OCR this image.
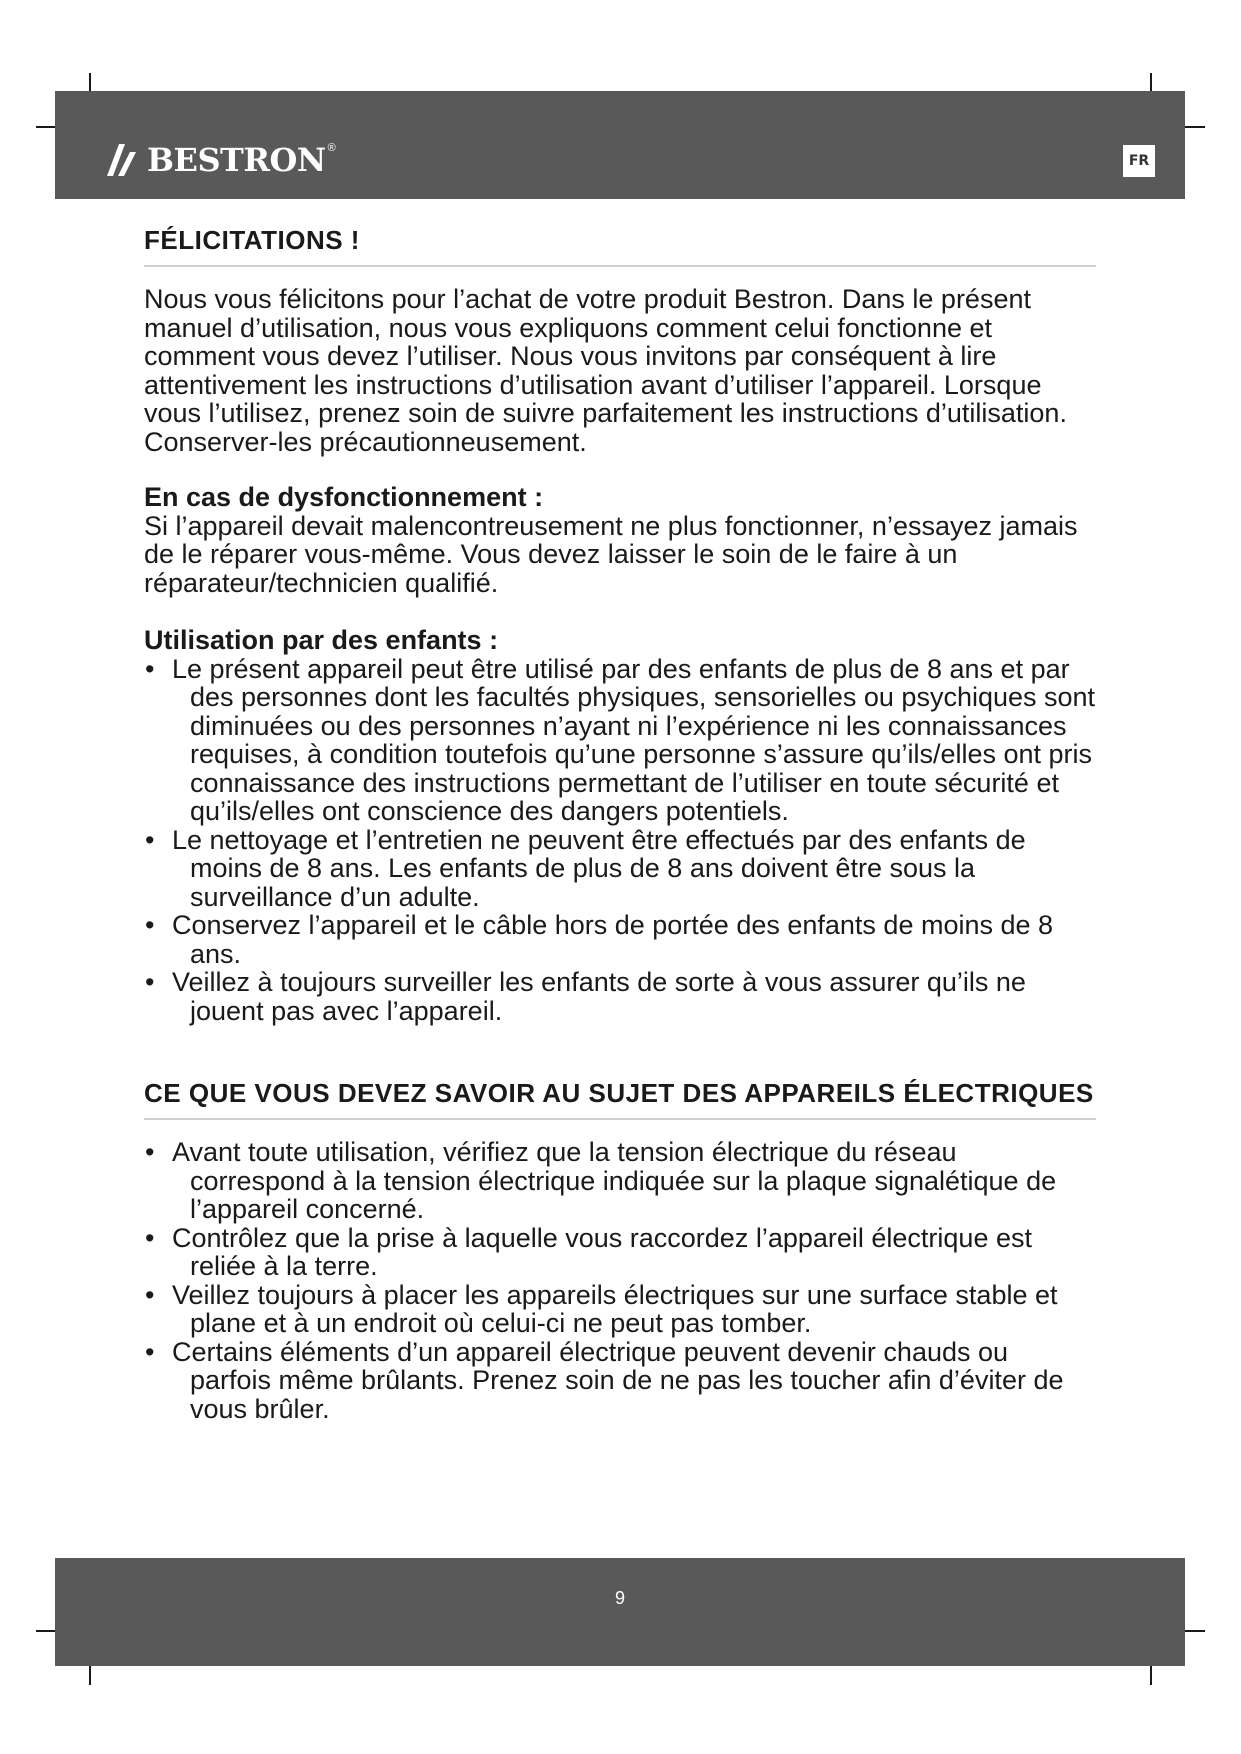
BESTRON ®
FR
FÉLICITATIONS !

Nous vous félicitons pour l’achat de votre produit Bestron. Dans le présent manuel d’utilisation, nous vous expliquons comment celui fonctionne et comment vous devez l’utiliser. Nous vous invitons par conséquent à lire attentivement les instructions d’utilisation avant d’utiliser l’appareil. Lorsque vous l’utilisez, prenez soin de suivre parfaitement les instructions d’utilisation. Conserver-les précautionneusement.

En cas de dysfonctionnement :

Si l’appareil devait malencontreusement ne plus fonctionner, n’essayez jamais de le réparer vous-même. Vous devez laisser le soin de le faire à un réparateur/technicien qualifié.

Utilisation par des enfants :
• Le présent appareil peut être utilisé par des enfants de plus de 8 ans et par des personnes dont les facultés physiques, sensorielles ou psychiques sont diminuées ou des personnes n’ayant ni l’expérience ni les connaissances requises, à condition toutefois qu’une personne s’assure qu’ils/elles ont pris connaissance des instructions permettant de l’utiliser en toute sécurité et qu’ils/elles ont conscience des dangers potentiels.
• Le nettoyage et l’entretien ne peuvent être effectués par des enfants de moins de 8 ans. Les enfants de plus de 8 ans doivent être sous la surveillance d’un adulte.
• Conservez l’appareil et le câble hors de portée des enfants de moins de 8 ans.
• Veillez à toujours surveiller les enfants de sorte à vous assurer qu’ils ne jouent pas avec l’appareil.
CE QUE VOUS DEVEZ SAVOIR AU SUJET DES APPAREILS ÉLECTRIQUES
• Avant toute utilisation, vérifiez que la tension électrique du réseau correspond à la tension électrique indiquée sur la plaque signalétique de l’appareil concerné.
• Contrôlez que la prise à laquelle vous raccordez l’appareil électrique est reliée à la terre.
• Veillez toujours à placer les appareils électriques sur une surface stable et plane et à un endroit où celui-ci ne peut pas tomber.
• Certains éléments d’un appareil électrique peuvent devenir chauds ou parfois même brûlants. Prenez soin de ne pas les toucher afin d’éviter de vous brûler.
9
